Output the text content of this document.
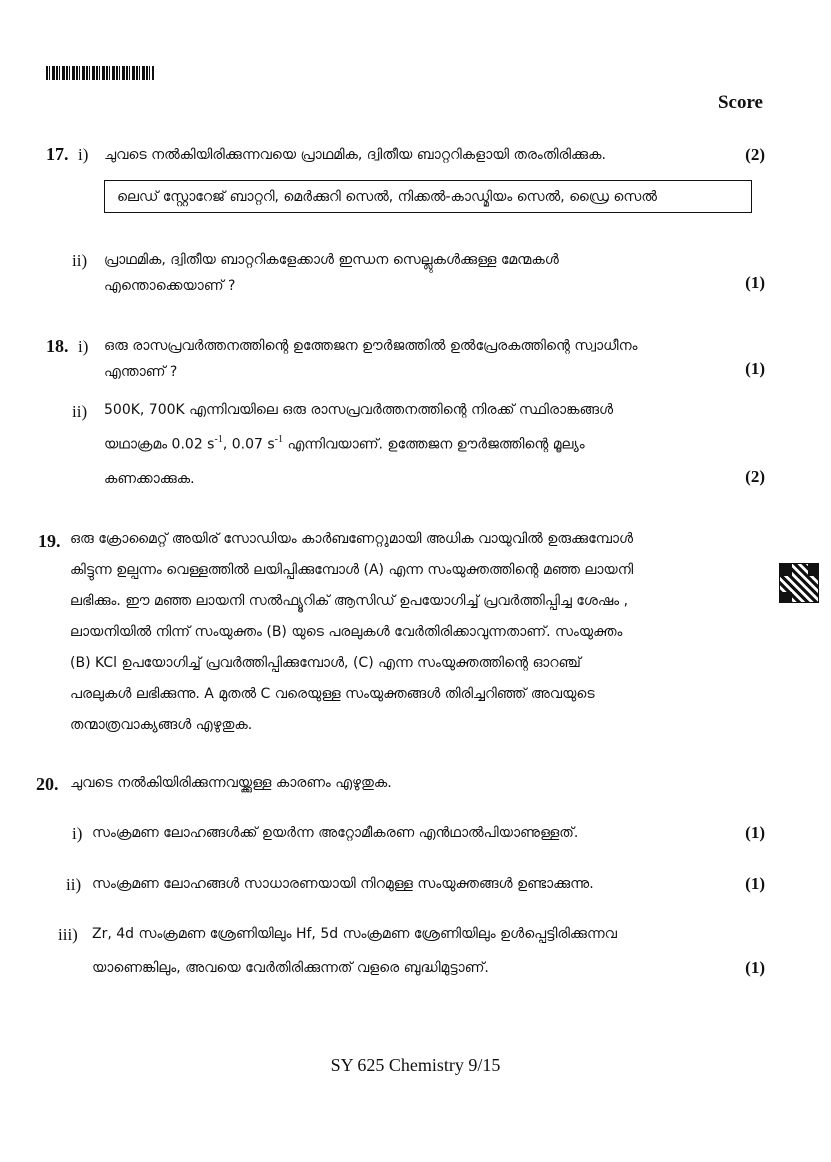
Score
17. i) ചുവടെ നൽകിയിരിക്കുന്നവയെ പ്രാഥമിക, ദ്വിതീയ ബാറ്ററികളായി തരംതിരിക്കുക.	(2)
ലെഡ് സ്റ്റോറേജ് ബാറ്ററി, മെർക്കുറി സെൽ, നിക്കൽ-കാഡ്മിയം സെൽ, ഡ്രൈ സെൽ
ii) പ്രാഥമിക, ദ്വിതീയ ബാറ്ററികളേക്കാൾ ഇന്ധന സെല്ലുകൾക്കുള്ള മേന്മകൾ
എന്തൊക്കെയാണ് ?	(1)
18. i) ഒരു രാസപ്രവർത്തനത്തിന്റെ ഉത്തേജന ഊർജത്തിൽ ഉൽപ്രേരകത്തിന്റെ സ്വാധീനം
എന്താണ് ?	(1)
ii) 500K, 700K എന്നിവയിലെ ഒരു രാസപ്രവർത്തനത്തിന്റെ നിരക്ക് സ്ഥിരാങ്കങ്ങൾ
യഥാക്രമം 0.02 $s^{-1}$, 0.07 $s^{-1}$ എന്നിവയാണ്. ഉത്തേജന ഊർജത്തിന്റെ മൂല്യം
കണക്കാക്കുക.	(2)
19. ഒരു ക്രോമൈറ്റ് അയിര് സോഡിയം കാർബണേറ്റുമായി അധിക വായുവിൽ ഉരുക്കുമ്പോൾ
കിട്ടുന്ന ഉല്പന്നം വെള്ളത്തിൽ ലയിപ്പിക്കുമ്പോൾ (A) എന്ന സംയുക്തത്തിന്റെ മഞ്ഞ ലായനി
ലഭിക്കും. ഈ മഞ്ഞ ലായനി സൽഫ്യൂറിക് ആസിഡ് ഉപയോഗിച്ച് പ്രവർത്തിപ്പിച്ച ശേഷം ,
ലായനിയിൽ നിന്ന് സംയുക്തം (B) യുടെ പരലുകൾ വേർതിരിക്കാവുന്നതാണ്. സംയുക്തം
(B) KCl ഉപയോഗിച്ച് പ്രവർത്തിപ്പിക്കുമ്പോൾ, (C) എന്ന സംയുക്തത്തിന്റെ ഓറഞ്ച്
പരലുകൾ ലഭിക്കുന്നു. A മുതൽ C വരെയുള്ള സംയുക്തങ്ങൾ തിരിച്ചറിഞ്ഞ് അവയുടെ
തന്മാത്രവാക്യങ്ങൾ എഴുതുക.
20. ചുവടെ നൽകിയിരിക്കുന്നവയ്ക്കുള്ള കാരണം എഴുതുക.
i) സംക്രമണ ലോഹങ്ങൾക്ക് ഉയർന്ന അറ്റോമീകരണ എൻഥാൽപിയാണുള്ളത്.	(1)
ii) സംക്രമണ ലോഹങ്ങൾ സാധാരണയായി നിറമുള്ള സംയുക്തങ്ങൾ ഉണ്ടാക്കുന്നു.	(1)
iii) Zr, 4d സംക്രമണ ശ്രേണിയിലും Hf, 5d സംക്രമണ ശ്രേണിയിലും ഉൾപ്പെട്ടിരിക്കുന്നവ
യാണെങ്കിലും, അവയെ വേർതിരിക്കുന്നത് വളരെ ബുദ്ധിമുട്ടാണ്.	(1)
SY 625 Chemistry 9/15
